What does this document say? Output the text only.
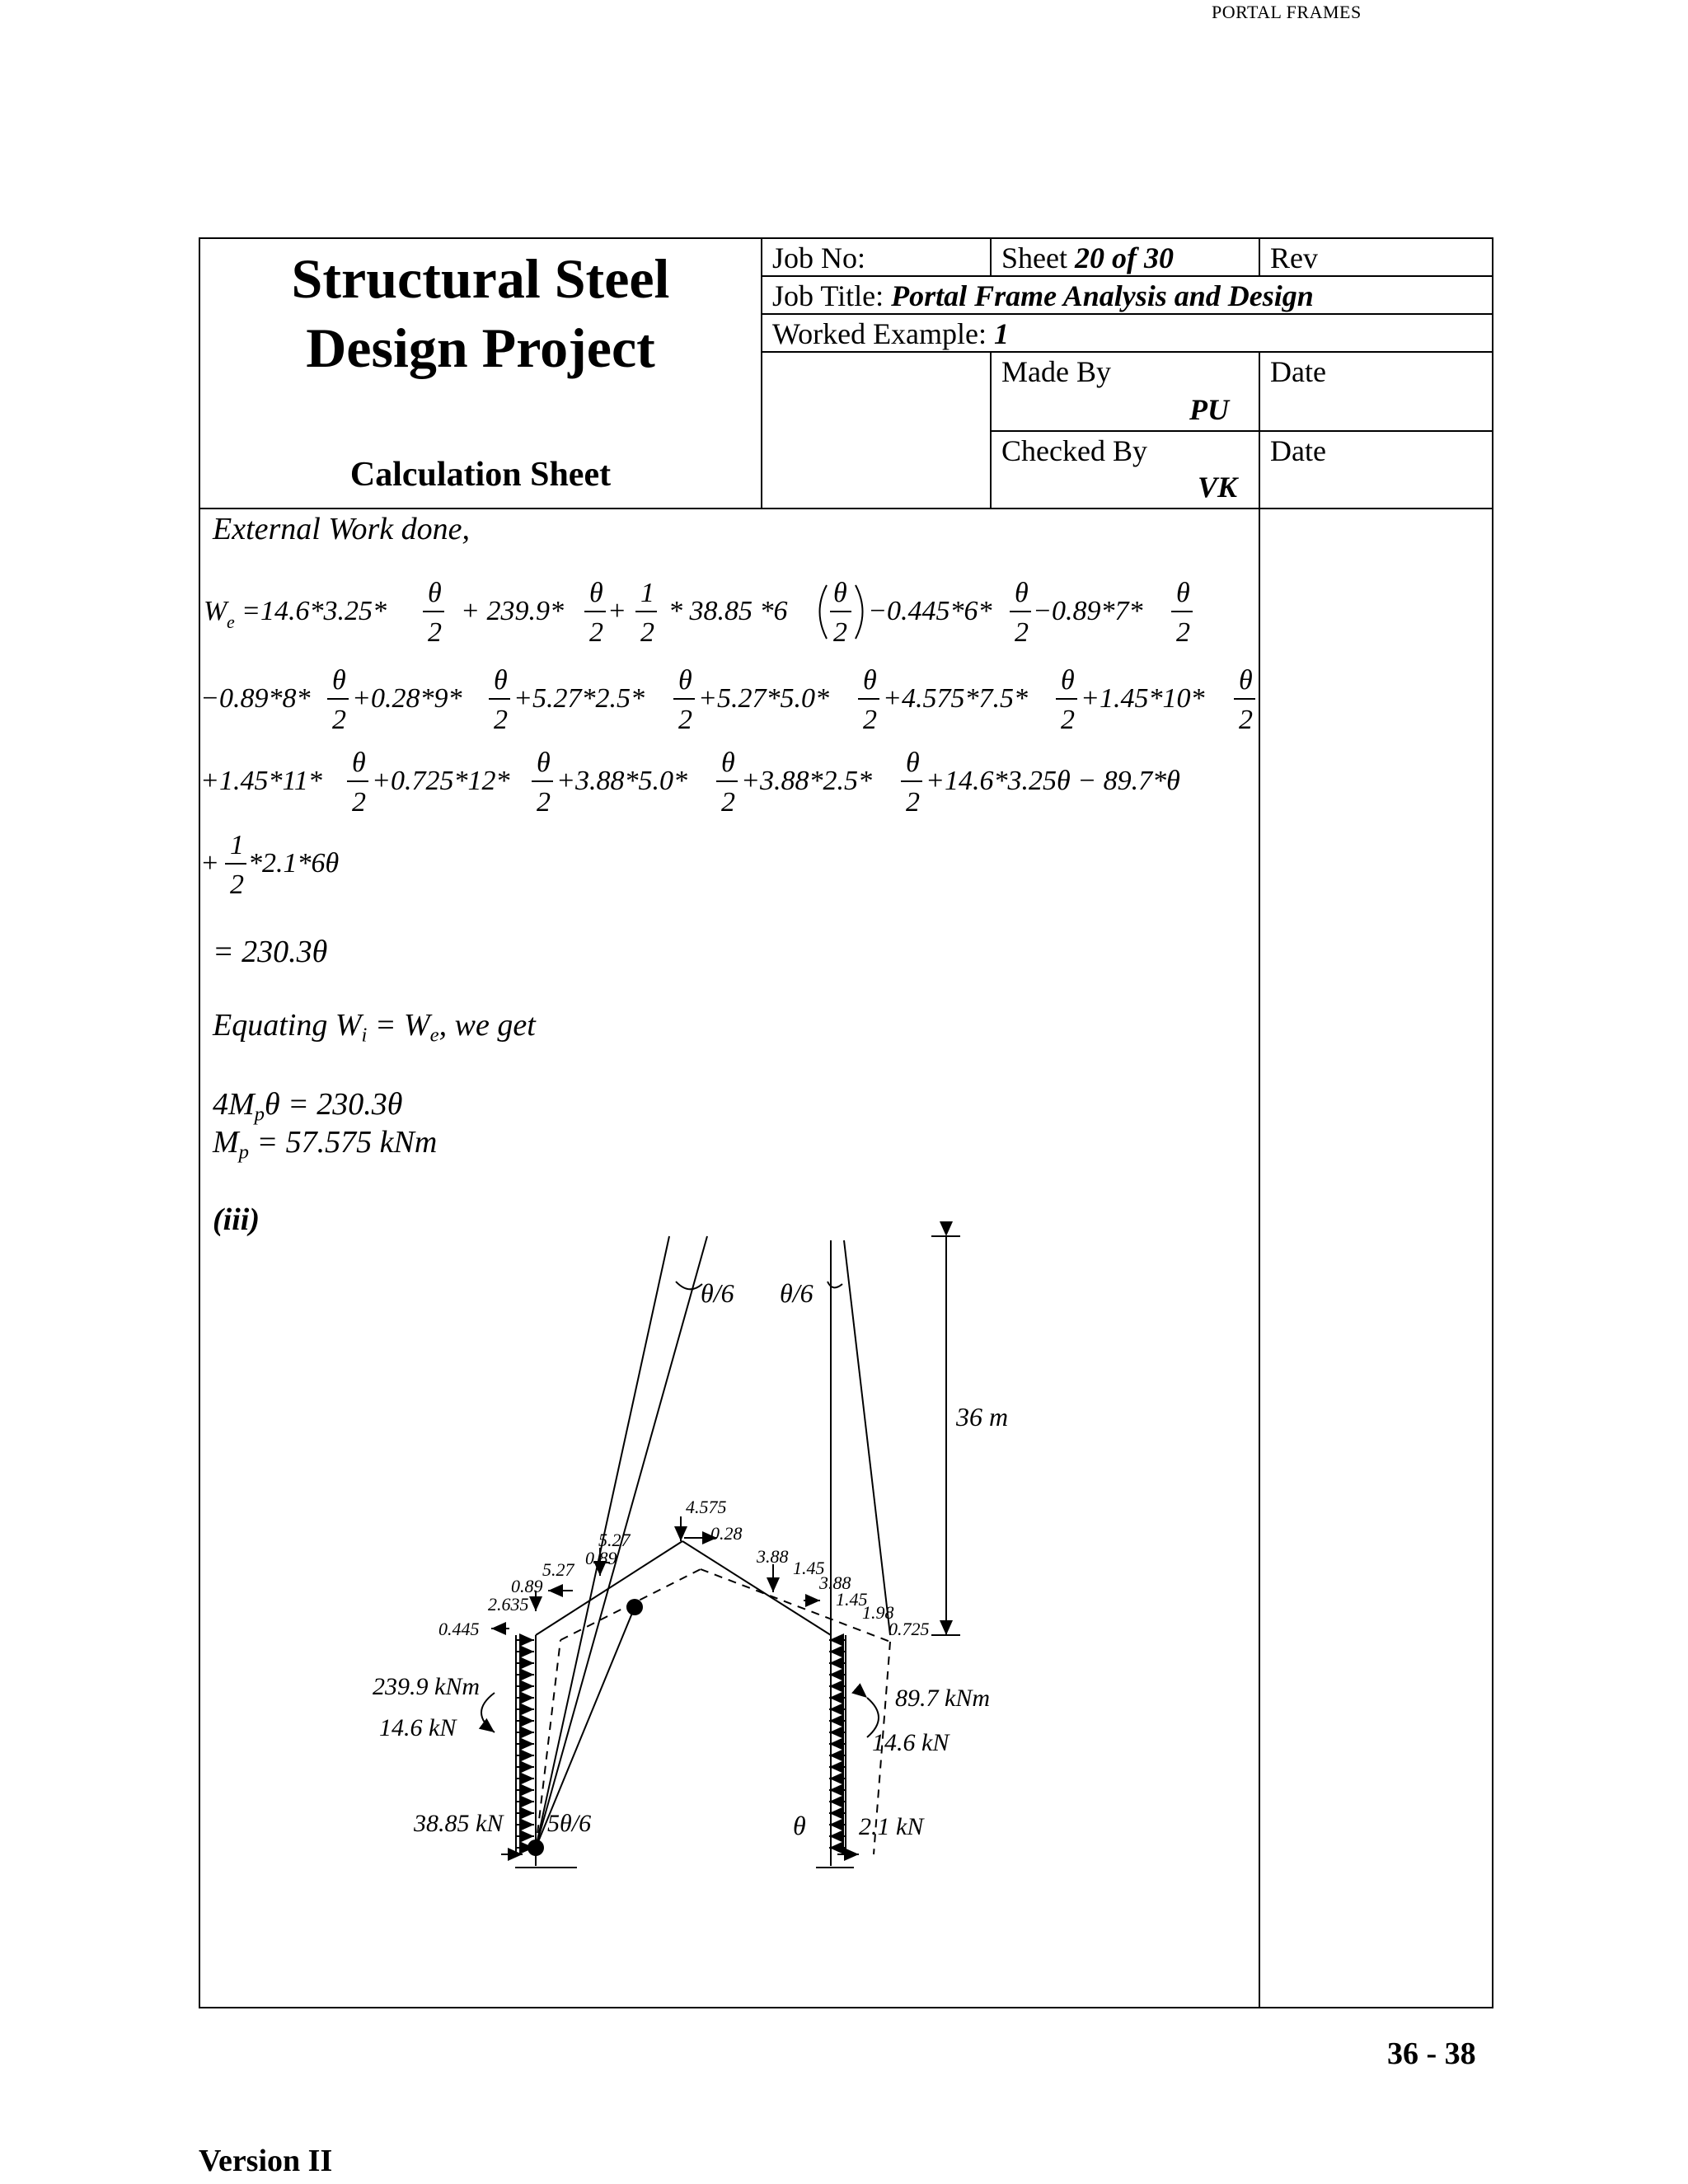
PORTAL FRAMES
Structural Steel
Design Project
Calculation Sheet
Job No:	Sheet 20 of 30	Rev
Job Title: Portal Frame Analysis and Design
Worked Example: 1
Made By
PU
Date
Checked By
VK
Date
External Work done,
W e =14.6*3.25*
θ
2
+ 239.9*
θ
2
+
1
2
* 38.85 *6
θ
2
−0.445*6*
θ
2
−0.89*7*
θ
2
−0.89*8*
θ
2
+0.28*9*
θ
2
+5.27*2.5*
θ
2
+5.27*5.0*
θ
2
+4.575*7.5*
θ
2
+1.45*10*
θ
2
+1.45*11*
θ
2
+0.725*12*
θ
2
+3.88*5.0*
θ
2
+3.88*2.5*
θ
2
+14.6*3.25θ − 89.7*θ
+
1
2
*2.1*6θ
= 230.3θ
Equating $W_i = W_e$, we get
$4M_p\theta = 230.3\theta$
$M_p = 57.575$ kNm
(iii)
θ/6 θ/6
36 m
4.575
0.28
5.27
0.89
5.27
0.89
2.635
0.445
3.88
1.45
3.88
1.45
1.98
0.725
239.9 kNm
14.6 kN
38.85 kN 5θ/6
89.7 kNm
14.6 kN
θ 2.1 kN
36 - 38
Version II
